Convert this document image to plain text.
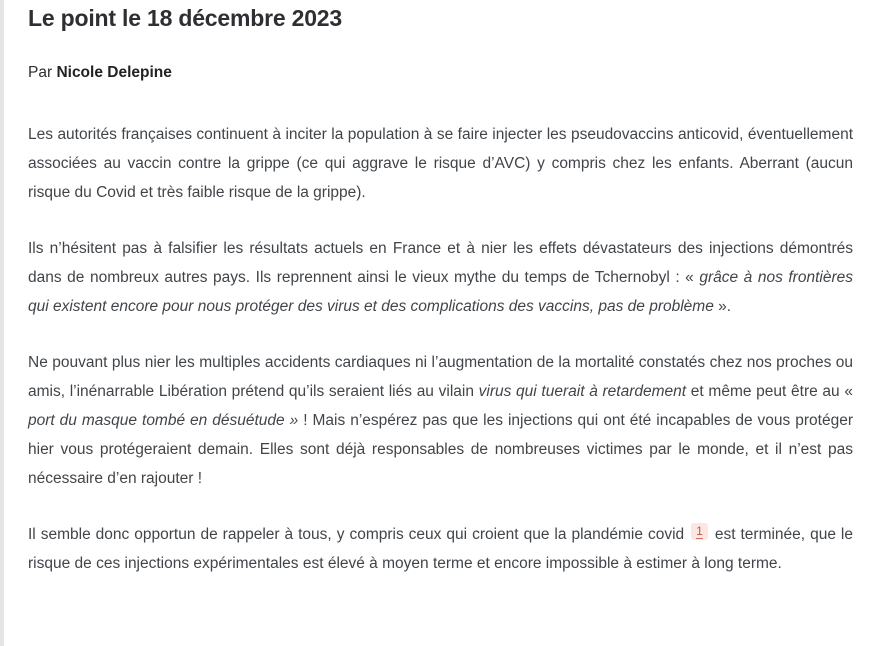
Le point le 18 décembre 2023

Par Nicole Delepine

Les autorités françaises continuent à inciter la population à se faire injecter les pseudovaccins anticovid, éventuellement associées au vaccin contre la grippe (ce qui aggrave le risque d’AVC) y compris chez les enfants. Aberrant (aucun risque du Covid et très faible risque de la grippe).

Ils n’hésitent pas à falsifier les résultats actuels en France et à nier les effets dévastateurs des injections démontrés dans de nombreux autres pays. Ils reprennent ainsi le vieux mythe du temps de Tchernobyl : « grâce à nos frontières qui existent encore pour nous protéger des virus et des complications des vaccins, pas de problème ».

Ne pouvant plus nier les multiples accidents cardiaques ni l’augmentation de la mortalité constatés chez nos proches ou amis, l’inénarrable Libération prétend qu’ils seraient liés au vilain virus qui tuerait à retardement et même peut être au « port du masque tombé en désuétude » ! Mais n’espérez pas que les injections qui ont été incapables de vous protéger hier vous protégeraient demain. Elles sont déjà responsables de nombreuses victimes par le monde, et il n’est pas nécessaire d’en rajouter !

Il semble donc opportun de rappeler à tous, y compris ceux qui croient que la plandémie covid 1 est terminée, que le risque de ces injections expérimentales est élevé à moyen terme et encore impossible à estimer à long terme.
